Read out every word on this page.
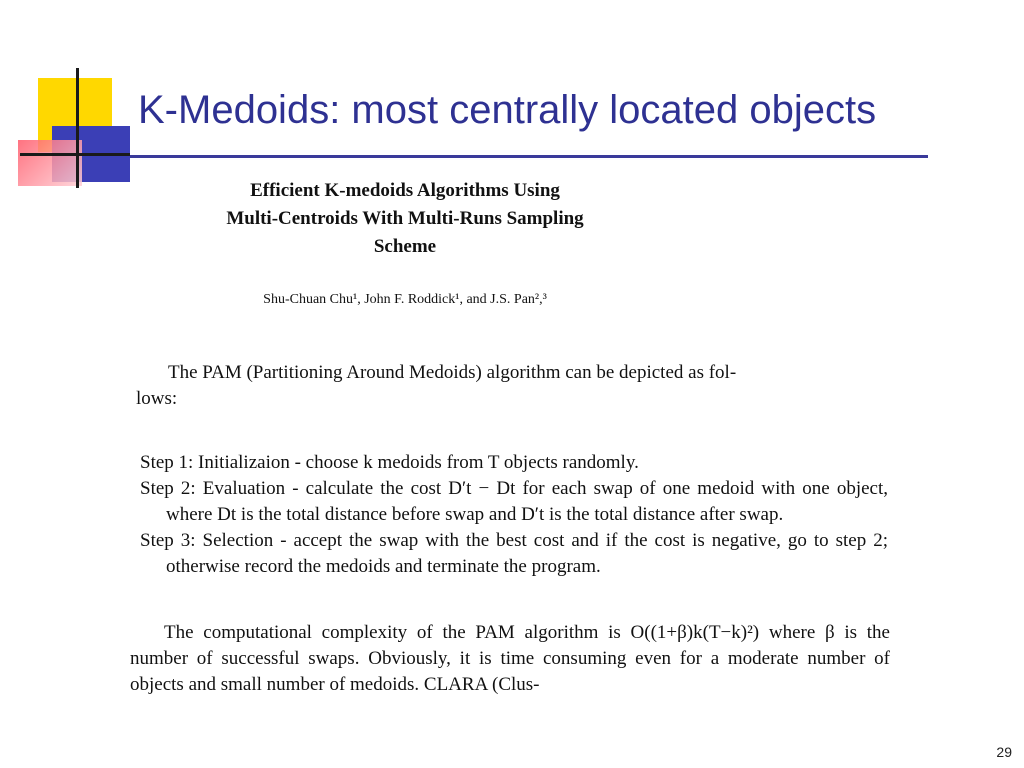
K-Medoids: most centrally located objects
Efficient K-medoids Algorithms Using
Multi-Centroids With Multi-Runs Sampling
Scheme
Shu-Chuan Chu¹, John F. Roddick¹, and J.S. Pan²,³
The PAM (Partitioning Around Medoids) algorithm can be depicted as fol-
lows:
Step 1: Initializaion - choose k medoids from T objects randomly.
Step 2: Evaluation - calculate the cost D′t − Dt for each swap of one medoid with one object, where Dt is the total distance before swap and D′t is the total distance after swap.
Step 3: Selection - accept the swap with the best cost and if the cost is negative, go to step 2; otherwise record the medoids and terminate the program.
The computational complexity of the PAM algorithm is O((1+β)k(T−k)²) where β is the number of successful swaps. Obviously, it is time consuming even for a moderate number of objects and small number of medoids. CLARA (Clus-
29
